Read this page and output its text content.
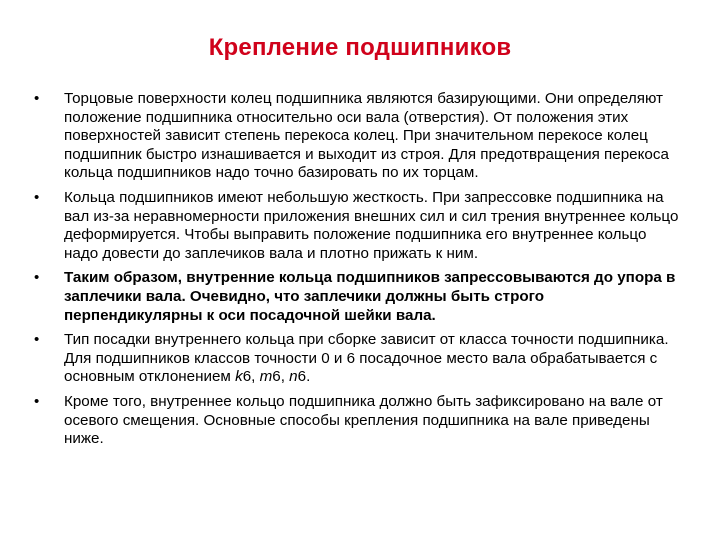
Крепление подшипников
• Торцовые поверхности колец подшипника являются базирующими. Они определяют положение подшипника относительно оси вала (отверстия). От положения этих поверхностей зависит степень перекоса колец. При значительном перекосе колец подшипник быстро изнашивается и выходит из строя. Для предотвращения перекоса кольца подшипников надо точно базировать по их торцам.
• Кольца подшипников имеют небольшую жесткость. При запрессовке подшипника на вал из-за неравномерности приложения внешних сил и сил трения внутреннее кольцо деформируется. Чтобы выправить положение подшипника его внутреннее кольцо надо довести до заплечиков вала и плотно прижать к ним.
• Таким образом, внутренние кольца подшипников запрессовываются до упора в заплечики вала. Очевидно, что заплечики должны быть строго перпендикулярны к оси посадочной шейки вала.
• Тип посадки внутреннего кольца при сборке зависит от класса точности подшипника. Для подшипников классов точности 0 и 6 посадочное место вала обрабатывается с основным отклонением k6, m6, n6.
• Кроме того, внутреннее кольцо подшипника должно быть зафиксировано на вале от осевого смещения. Основные способы крепления подшипника на вале приведены ниже.
